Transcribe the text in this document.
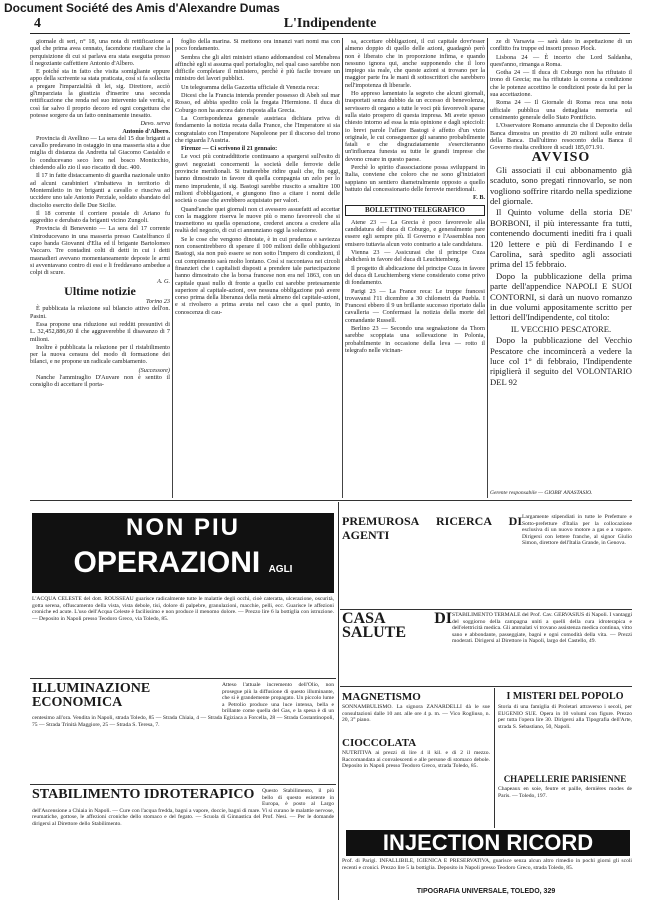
Document Société des Amis d'Alexandre Dumas
4	L'Indipendente

giornale di seri, n° 18, una nota di rettificazione a quel che prima avea cennato, facendone risultare che la perquisizione di cui si parlava era stata eseguita presso il negoziante caffettiere Antonio d'Albero.

E poiché sta in fatto che visita somigliante eppure appo della scrivente sa stata praticata, così si fa sollecita a pregare l'imparzialità di lei, sig. Direttore, acciò gl'imparziata la giustizia d'inserire una seconda rettificazione che renda nel suo intervento tale verità, e così far salvo il proprio decoro ed ogni congettura che potesse sorgere da un fatto onninamente inesatto.

Devo. serva
Antonio d'Albero.

Provincia di Avellino — La sera del 15 due briganti a cavallo predavano in ostaggio in una masseria sita a due miglia di distanza da Andretta tal Giacomo Castaldo e lo conducevano seco loro nel bosco Monticchio, chiedendo allo zio il suo riscatto di duc. 400.

Il 17 in fatte distaccamento di guardia nazionale unito ad alcuni carabinieri s'imbatteva in territorio di Montemiletto in tre briganti a cavallo e riusciva ad uccidere uno tale Antonio Perziale, soldato sbandato del disciolto esercito delle Due Sicilie.

Il 18 corrente il corriere postale di Ariano fu aggredito e derubato da briganti vicino Zungoli.

Provincia di Benevento — La sera del 17 corrente s'introducevano in una masseria presso Castelfranco il capo banda Giovanni d'Elia ed il brigante Bartolomeo Vaccaro. Tre contadini colti di detti in cui i detti masnadieri avevano momentaneamente deposte le armi si avventavano contro di essi e li freddavano ambedue a colpi di scure.

A. G.
Ultime notizie
Torino 23

È pubblicata la relazione sul bilancio attivo dell'on. Pasini.

Essa propone una riduzione sui redditi presuntivi di L. 32,452,886,60 il che aggraverebbe il disavanzo di 7 milioni.

Inoltre è pubblicata la relazione per il ristabilimento per la nuova censura del modo di formazione dei bilanci, e ne propone un radicale cambiamento.

(Successore)

Nanche l'ammiraglio D'Auvare non è sentito il consiglio di accettare il porta-

foglio della marina. Si mettono ora innanzi vari nomi ma con poco fondamento.

Sembra che gli altri ministri stiano addomandosi col Menabrea affinchè egli si assuma quel portafoglio, nel qual caso sarebbe non difficile completare il ministero, perchè è più facile trovare un ministro dei lavori pubblici.

Un telegramma della Gazzetta ufficiale di Venezia reca:

Dicesi che la Francia intenda prender possesso di Abeh sul mar Rosso, ed abbia spedito colà la fregata l'Hermione. Il duca di Coburgo non ha ancora dato risposta alla Grecia.

La Corrispondenza generale austriaca dichiara priva di fondamento la notizia recata dalla France, che l'Imperatore si sia congratulato con l'Imperatore Napoleone per il discorso del trono che riguarda l'Austria.

Firenze — Ci scrivono il 21 gennaio:

Le voci più contraddittorie continuano a spargersi sull'esito di gravi negoziati concernenti la società delle ferrovie delle provincie meridionali. Si tratterebbe ridire quali che, fin oggi, hanno dimostrato in favore di quella compagnia un zelo per lo meno imprudente, il sig. Bastogi sarebbe riuscito a smaltire 100 milioni d'obbligazioni, e giungono fino a citare i nomi delle società o case che avrebbero acquistato per valori.

Quand'anche quei giornali non ci avessero assuefatti ad accettar con la maggiore riserva le nuove più o meno favorevoli che si trasmettono su quella operazione, crederei ancora a credere alla realtà del negozio, di cui ci annunziano oggi la soluzione.

Se le cose che vengono dinotate, è in cui prudenza e saviezza non consentirebbero di sperare il 100 milioni delle obbligazioni Bastogi, sia non può essere se non sotto l'impero di condizioni, il cui compimento sarà molto lontano. Così si raccontava nei circoli finanzieri che i capitalisti disposti a prendere tale partecipazione hanno dimostrato che la borsa francese non era nel 1863, con un capitale quasi nullo di fronte a quello cui sarebbe pretesamente superiore al capitale-azioni, ove nessuna obbligazione può avere corso prima della liberanza della metà almeno del capitale-azioni, e si rivolsero a prima avuta nel caso che a quel punto, in conoscenza di cau-

sa, accettare obbligazioni, il cui capitale dovr'esser almeno doppio di quello delle azioni, guadagnò però non è liberato che in proporzione infima, e quando nessuno ignora qui, anche supponendo che il loro impiego sia reale, che queste azioni si trovano per la maggior parte fra le mani di sottoscrittori che sarebbero nell'impotenza di liberarle.

Ho appreso lamentato la segreto che alcuni giornali, trasportati senza dubbio da un eccesso di benevolenza, servissero di organo a tutte le voci più favorevoli sparse sulla stato prospero di questa impresa. Mi avete spesso chiesto intorno ad essa la mia opinione e dagli spiccioli: io brevi parole l'affare Bastogi è affetto d'un vizio originale, le cui conseguenze gli saranno probabilmente fatali e che disgraziatamente s'eserciteranno un'influenza funesta su tutte le grandi imprese che devono creare in questo paese.

Perchè lo spirito d'associazione possa svilupparsi in Italia, conviene che coloro che ne sono gl'iniziatori sappiano un sentiero diametralmente opposto a quello battuto dal concessionario delle ferrovie meridionali.

F. B.
BOLLETTINO TELEGRAFICO

Atene 23 — La Grecia è poco favorevole alla candidatura del duca di Coburgo, e generalmente pare essere egli sempre più. Il Governo e l'Assemblea non emisero tuttavia alcun voto contrario a tale candidatura.

Vienna 23 — Assicurasi che il principe Cuza abdicherà in favore del duca di Leuchtemberg.

Il progetto di abdicazione del principe Cuza in favore del duca di Leuchtemberg viene considerato come privo di fondamento.

Parigi 23 — La France reca: Le truppe francesi trovavansi l'11 dicembre a 30 chilometri da Puebla. I Francesi ebbero il 9 un brillante successo riportato dalla cavalleria — Confermasi la notizia della morte del comandante Russell.

Berlino 23 — Secondo una segnalazione da Thorn sarebbe scoppiata una sollevazione in Polonia, probabilmente in occasione della leva — rotto il telegrafo nelle vicinan-

ze di Varsavia — sarà dato in aspettazione di un conflitto fra truppe ed insorti presso Plock.

Lisbona 24 — È incerto che Lord Saldanha, quest'anno, rimanga a Roma.

Gotha 24 — Il duca di Coburgo non ha rifiutato il trono di Grecia; ma ha rifiutato la corona a condizione che le potenze accettino le condizioni poste da lui per la sua accettazione.

Roma 24 — Il Giornale di Roma reca una nota ufficiale pubblica una dettagliata memoria sul censimento generale dello Stato Pontificio.

L'Osservatore Romano annunzia che il Deposito della Banca dimostra un prestito di 20 milioni sulle entrate della Banca. Dall'ultimo resoconto della Banca il Governo risulta creditore di scudi 185,071.91.

AVVISO

Gli associati il cui abbonamento già scaduto, sono pregati rinnovarlo, se non vogliono soffrire ritardo nella spedizione del giornale.

Il Quinto volume della storia DE' BORBONI, il più interessante fra tutti, contenendo documenti inediti fra i quali 120 lettere e più di Ferdinando I e Carolina, sarà spedito agli associati prima del 15 febbraio.

Dopo la pubblicazione della prima parte dell'appendice NAPOLI E SUOI CONTORNI, si darà un nuovo romanzo in due volumi appositamente scritto per lettori dell'Indipendente, col titolo:

IL VECCHIO PESCATORE.

Dopo la pubblicazione del Vecchio Pescatore che incomincerà a vedere la luce col 1° di febbraio, l'Indipendente ripiglierà il seguito del VOLONTARIO DEL 92

Gerente responsabile — GIOBB' ANASTASIO.
NON PIU
OPERAZIONI AGLI
L'ACQUA CELESTE del dott. ROUSSEAU guarisce radicalmente tutte le malattie degli occhi, cioè cateratta, ulcerazione, oscurità, gotta serena, offuscamento della vista, vista debole, tisi, dolore di palpebre, granulazioni, macchie, pelli, ecc. Guarisce le affezioni croniche ed acute. L'uso dell'Acqua Celeste è facilissimo e non produce il menomo dolore. — Prezzo lire 6 la bottiglia con istruzione. — Deposito in Napoli presso Teodoro Greco, via Toledo, 85.
ILLUMINAZIONE ECONOMICA
Atteso l'attuale incremento dell'Olio, non prosegue più la diffusione di questo illuminante, che si è grandemente propagato. Un piccolo lume a Petrolio produce una luce intensa, bella e brillante come quella del Gas, e la spesa è di un centesimo all'ora. Vendita in Napoli, strada Toledo, 85 — Strada Chiaia, 4 — Strada Egiziaca a Forcella, 28 — Strada Costantinopoli, 75 — Strada Trinità Maggiore, 25 — Strada S. Teresa, 7.
STABILIMENTO IDROTERAPICO	Questo Stabilimento, il più bello di questo esistente in Europa, è posto al Largo dell'Ascensione a Chiaia in Napoli. — Cure con l'acqua fredda, bagni a vapore, doccie, bagni di mare. Vi si curano le malattie nervose, reumatiche, gottose, le affezioni croniche dello stomaco e del fegato. — Scuola di Ginnastica del Prof. Nesi. — Per le domande dirigersi al Direttore dello Stabilimento.
PREMUROSA RICERCA DI AGENTI
Largamente stipendiati in tutte le Prefetture e Sotto-prefetture d'Italia per la collocazione esclusiva di un nuovo motore a gas e a vapore. Dirigersi con lettere franche, al signor Giulio Simon, direttore dell'Italia Grande, in Genova.
CASA DI SALUTE
STABILIMENTO TERMALE del Prof. Cav. GERVASIUS di Napoli. I vantaggi del soggiorno della campagna uniti a quelli della cura idroterapica e dell'elettricità medica. Gli ammalati vi trovano assistenza medica continua, vitto sano e abbondante, passeggiate, bagni e ogni comodità della vita. — Prezzi moderati. Dirigersi al Direttore in Napoli, largo del Castello, 49.
MAGNETISMO
SONNAMBULISMO. La signora ZANARDELLI dà le sue consultazioni dalle 10 ant. alle ore 4 p. m. — Vico Rogliuso, n. 20, 3° piano.
CIOCCOLATA
NUTRITIVA ai prezzi di lire 4 il kil. e di 2 il mezzo. Raccomandata ai convalescenti e alle persone di stomaco debole. Deposito in Napoli presso Teodoro Greco, strada Toledo, 85.
I MISTERI DEL POPOLO
Storia di una famiglia di Proletari attraverso i secoli, per EUGENIO SUE. Opera in 10 volumi con figure. Prezzo per tutta l'opera lire 30. Dirigersi alla Tipografia dell'Arte, strada S. Sebastiano, 50, Napoli.
CHAPELLERIE PARISIENNE
Chapeaux en soie, feutre et paille, dernières modes de Paris. — Toledo, 197.
INJECTION RICORD
Prof. di Parigi. INFALLIBILE, IGIENICA E PRESERVATIVA, guarisce senza alcun altro rimedio in pochi giorni gli scoli recenti e cronici. Prezzo lire 5 la bottiglia. Deposito in Napoli presso Teodoro Greco, strada Toledo, 85.
TIPOGRAFIA UNIVERSALE, TOLEDO, 329
